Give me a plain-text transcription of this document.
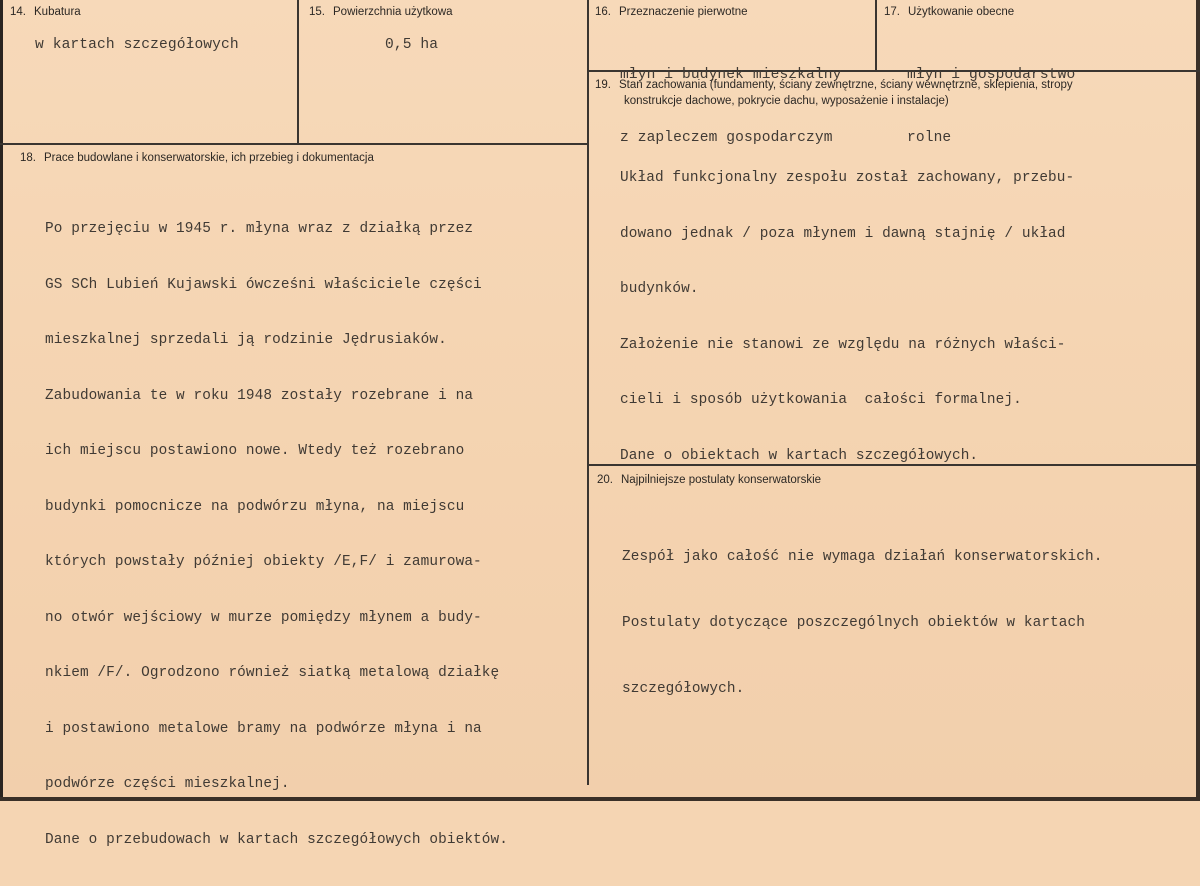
14. Kubatura
w kartach szczegółowych
15. Powierzchnia użytkowa
0,5 ha
16. Przeznaczenie pierwotne

młyn i budynek mieszkalny

z zapleczem gospodarczym

17. Użytkowanie obecne

młyn i gospodarstwo

rolne

18. Prace budowlane i konserwatorskie, ich przebieg i dokumentacja

Po przejęciu w 1945 r. młyna wraz z działką przez

GS SCh Lubień Kujawski ówcześni właściciele części

mieszkalnej sprzedali ją rodzinie Jędrusiaków.

Zabudowania te w roku 1948 zostały rozebrane i na

ich miejscu postawiono nowe. Wtedy też rozebrano

budynki pomocnicze na podwórzu młyna, na miejscu

których powstały później obiekty /E,F/ i zamurowa-

no otwór wejściowy w murze pomiędzy młynem a budy-

nkiem /F/. Ogrodzono również siatką metalową działkę

i postawiono metalowe bramy na podwórze młyna i na

podwórze części mieszkalnej.

Dane o przebudowach w kartach szczegółowych obiektów.

19. Stan zachowania (fundamenty, ściany zewnętrzne, ściany wewnętrzne, sklepienia, stropy
konstrukcje dachowe, pokrycie dachu, wyposażenie i instalacje)

Układ funkcjonalny zespołu został zachowany, przebu-

dowano jednak / poza młynem i dawną stajnię / układ

budynków.

Założenie nie stanowi ze względu na różnych właści-

cieli i sposób użytkowania  całości formalnej.

Dane o obiektach w kartach szczegółowych.

20. Najpilniejsze postulaty konserwatorskie

Zespół jako całość nie wymaga działań konserwatorskich.

Postulaty dotyczące poszczególnych obiektów w kartach

szczegółowych.
